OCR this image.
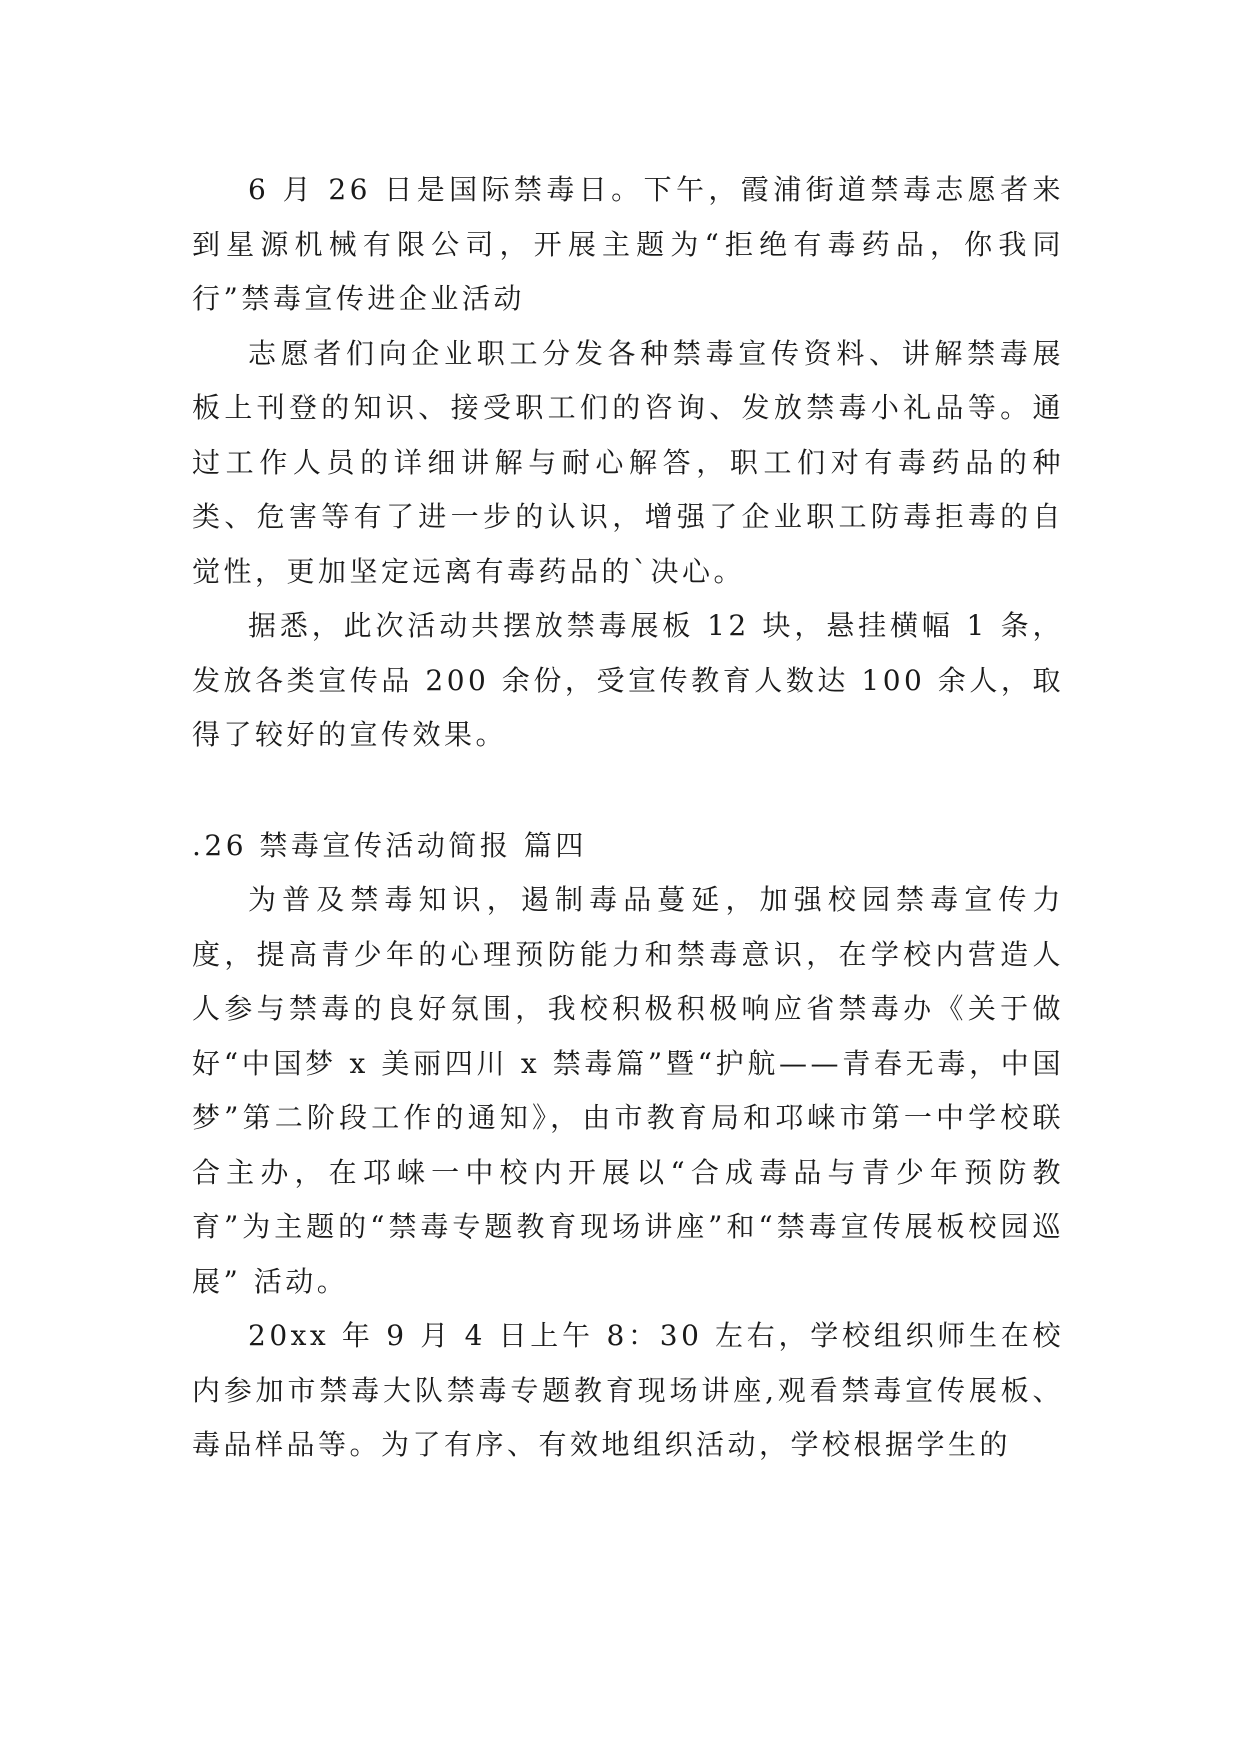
6 月 26 日是国际禁毒日。下午，霞浦街道禁毒志愿者来到星源机械有限公司，开展主题为“拒绝有毒药品，你我同行”禁毒宣传进企业活动

志愿者们向企业职工分发各种禁毒宣传资料、讲解禁毒展板上刊登的知识、接受职工们的咨询、发放禁毒小礼品等。通过工作人员的详细讲解与耐心解答，职工们对有毒药品的种类、危害等有了进一步的认识，增强了企业职工防毒拒毒的自觉性，更加坚定远离有毒药品的`决心。

据悉，此次活动共摆放禁毒展板 12 块，悬挂横幅 1 条，发放各类宣传品 200 余份，受宣传教育人数达 100 余人，取得了较好的宣传效果。

.26 禁毒宣传活动简报 篇四

为普及禁毒知识，遏制毒品蔓延，加强校园禁毒宣传力度，提高青少年的心理预防能力和禁毒意识，在学校内营造人人参与禁毒的良好氛围，我校积极积极响应省禁毒办《关于做好“中国梦 x 美丽四川 x 禁毒篇”暨“护航——青春无毒，中国梦”第二阶段工作的通知》，由市教育局和邛崃市第一中学校联合主办，在邛崃一中校内开展以“合成毒品与青少年预防教育”为主题的“禁毒专题教育现场讲座”和“禁毒宣传展板校园巡展” 活动。

20xx 年 9 月 4 日上午 8：30 左右，学校组织师生在校内参加市禁毒大队禁毒专题教育现场讲座,观看禁毒宣传展板、毒品样品等。为了有序、有效地组织活动，学校根据学生的
